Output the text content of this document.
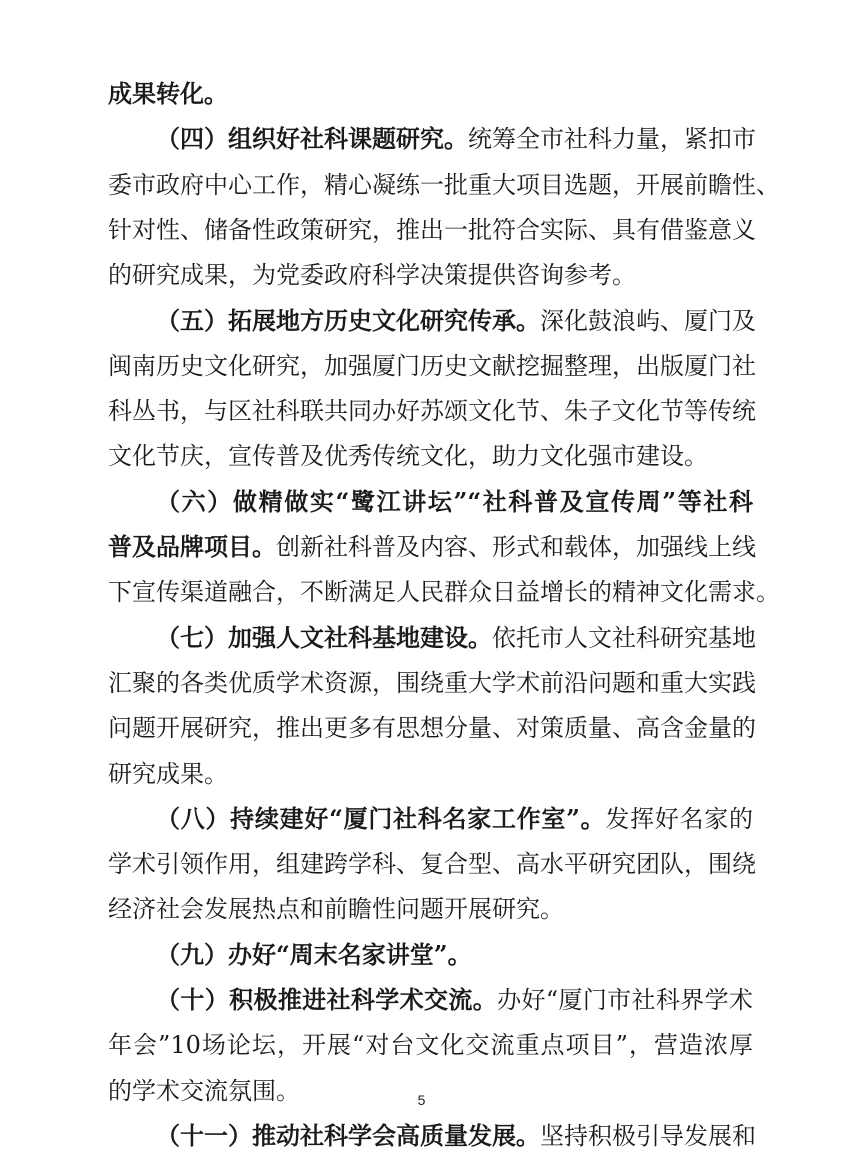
成果转化。
（四）组织好社科课题研究。统筹全市社科力量，紧扣市
委市政府中心工作，精心凝练一批重大项目选题，开展前瞻性、
针对性、储备性政策研究，推出一批符合实际、具有借鉴意义
的研究成果，为党委政府科学决策提供咨询参考。
（五）拓展地方历史文化研究传承。深化鼓浪屿、厦门及
闽南历史文化研究，加强厦门历史文献挖掘整理，出版厦门社
科丛书，与区社科联共同办好苏颂文化节、朱子文化节等传统
文化节庆，宣传普及优秀传统文化，助力文化强市建设。
（六）做精做实“鹭江讲坛”“社科普及宣传周”等社科
普及品牌项目。创新社科普及内容、形式和载体，加强线上线
下宣传渠道融合，不断满足人民群众日益增长的精神文化需求。
（七）加强人文社科基地建设。依托市人文社科研究基地
汇聚的各类优质学术资源，围绕重大学术前沿问题和重大实践
问题开展研究，推出更多有思想分量、对策质量、高含金量的
研究成果。
（八）持续建好“厦门社科名家工作室”。发挥好名家的
学术引领作用，组建跨学科、复合型、高水平研究团队，围绕
经济社会发展热点和前瞻性问题开展研究。
（九）办好“周末名家讲堂”。
（十）积极推进社科学术交流。办好“厦门市社科界学术
年会”10场论坛，开展“对台文化交流重点项目”，营造浓厚
的学术交流氛围。
（十一）推动社科学会高质量发展。坚持积极引导发展和
5
